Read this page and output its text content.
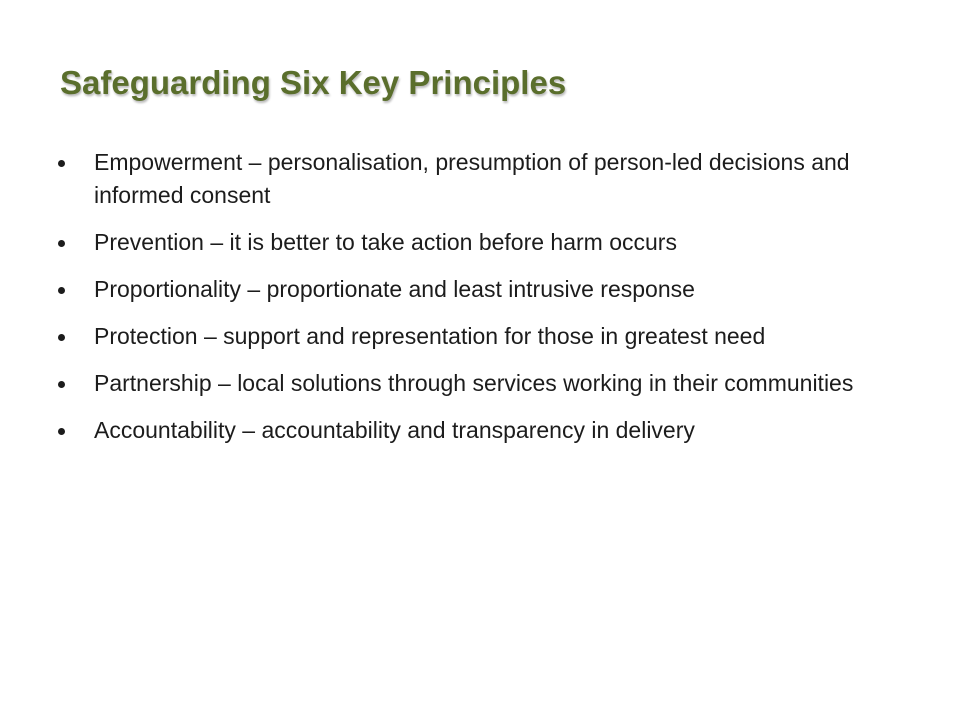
Safeguarding Six Key Principles
Empowerment – personalisation, presumption of person-led decisions and informed consent
Prevention – it is better to take action before harm occurs
Proportionality – proportionate and least intrusive response
Protection – support and representation for those in greatest need
Partnership – local solutions through services working in their communities
Accountability – accountability and transparency in delivery
